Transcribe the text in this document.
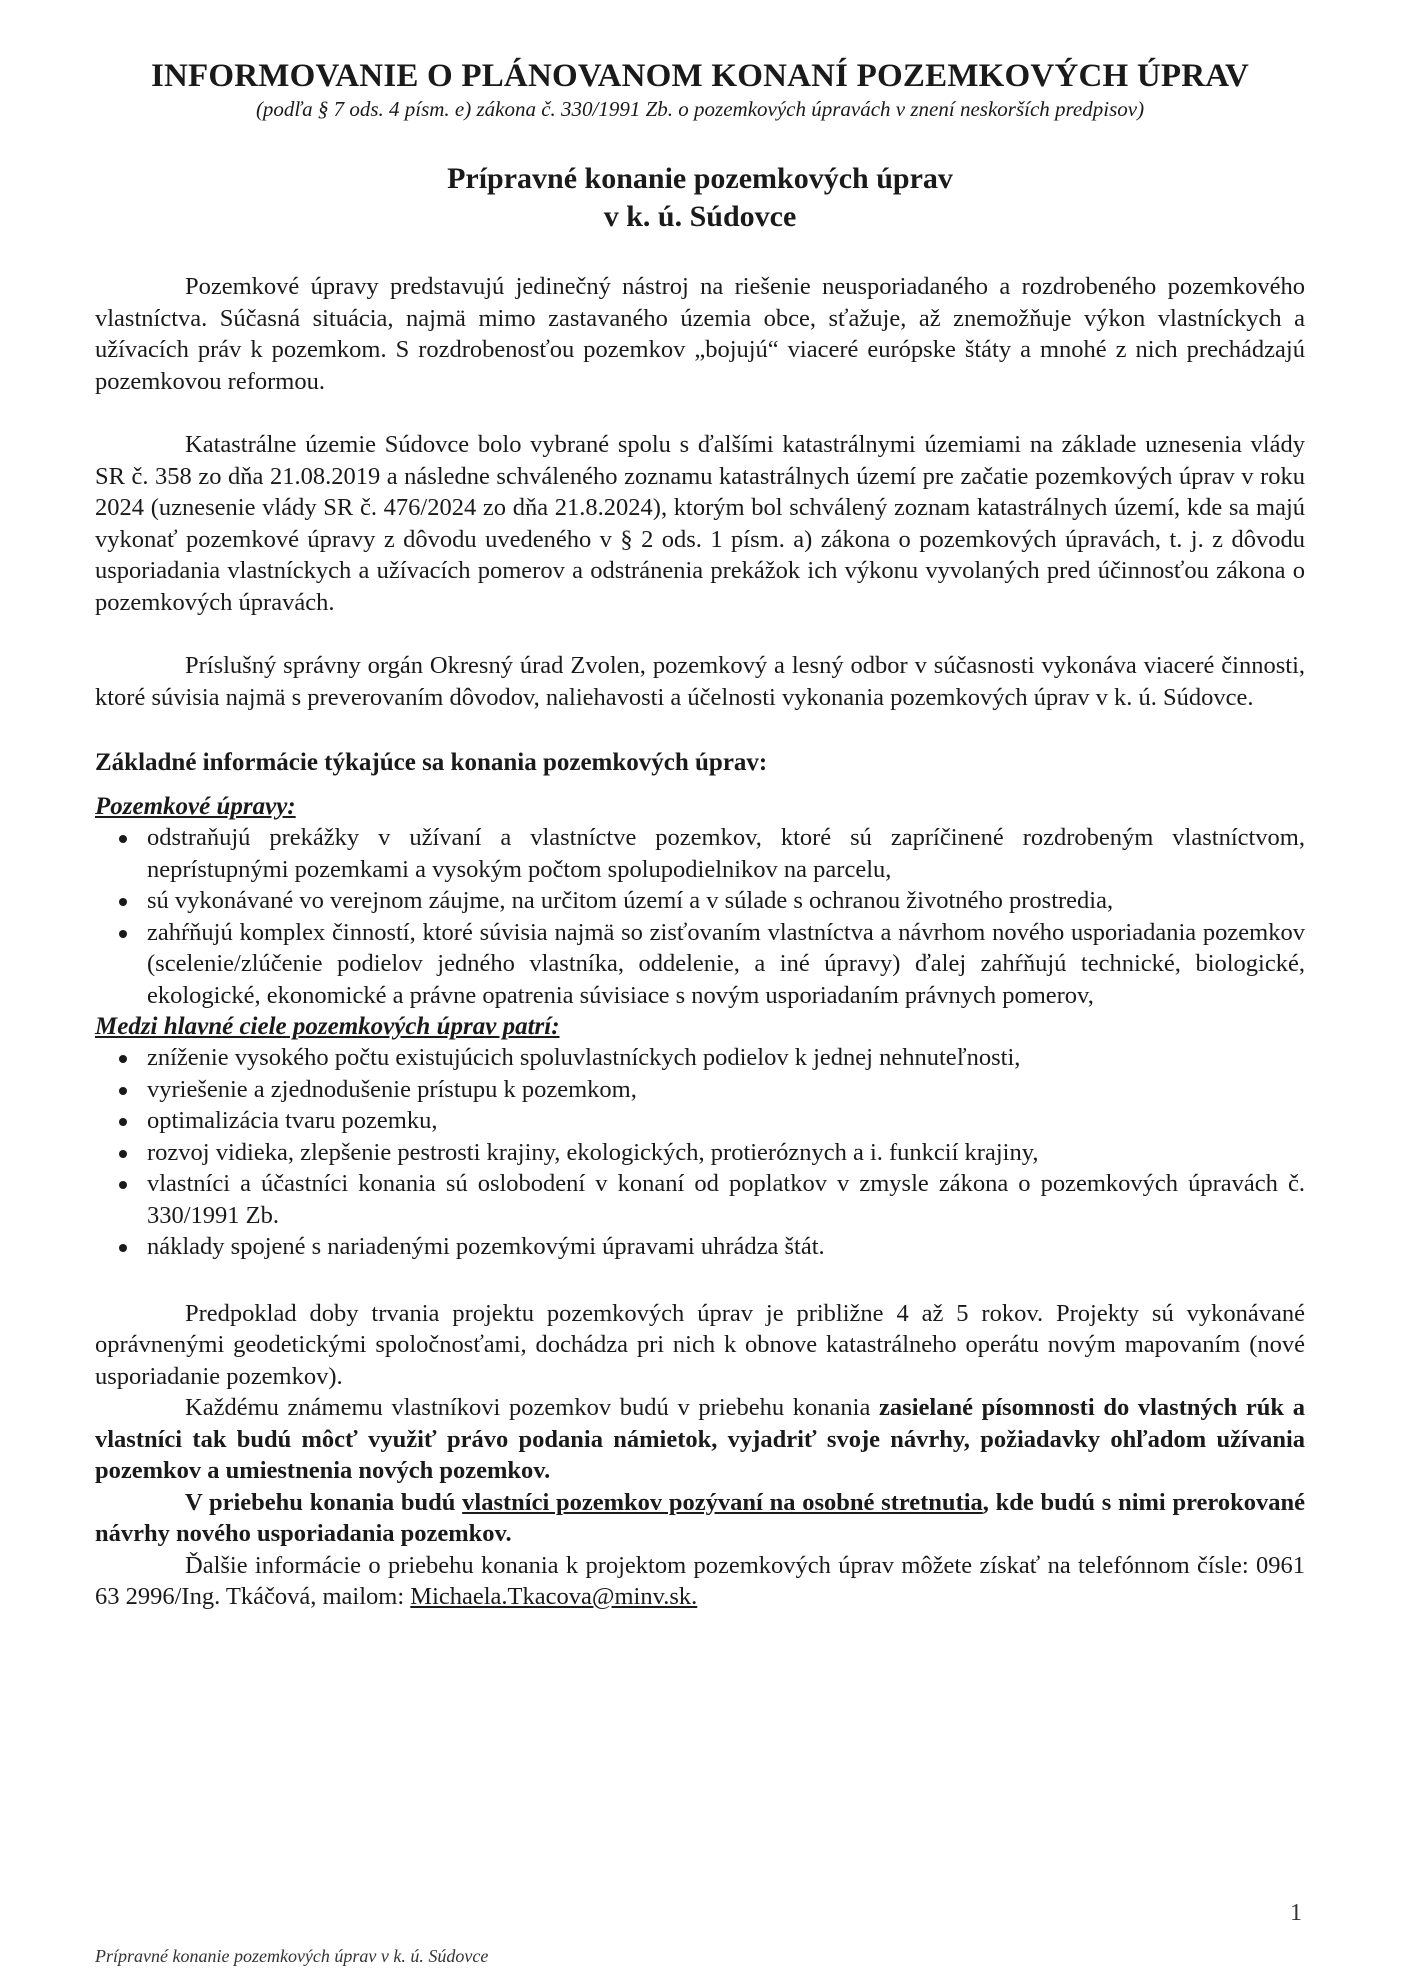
INFORMOVANIE O PLÁNOVANOM KONANÍ POZEMKOVÝCH ÚPRAV
(podľa § 7 ods. 4 písm. e) zákona č. 330/1991 Zb. o pozemkových úpravách v znení neskorších predpisov)
Prípravné konanie pozemkových úprav
v k. ú. Súdovce

Pozemkové úpravy predstavujú jedinečný nástroj na riešenie neusporiadaného a rozdrobeného pozemkového vlastníctva. Súčasná situácia, najmä mimo zastavaného územia obce, sťažuje, až znemožňuje výkon vlastníckych a užívacích práv k pozemkom. S rozdrobenosťou pozemkov „bojujú“ viaceré európske štáty a mnohé z nich prechádzajú pozemkovou reformou.

Katastrálne územie Súdovce bolo vybrané spolu s ďalšími katastrálnymi územiami na základe uznesenia vlády SR č. 358 zo dňa 21.08.2019 a následne schváleného zoznamu katastrálnych území pre začatie pozemkových úprav v roku 2024 (uznesenie vlády SR č. 476/2024 zo dňa 21.8.2024), ktorým bol schválený zoznam katastrálnych území, kde sa majú vykonať pozemkové úpravy z dôvodu uvedeného v § 2 ods. 1 písm. a) zákona o pozemkových úpravách, t. j. z dôvodu usporiadania vlastníckych a užívacích pomerov a odstránenia prekážok ich výkonu vyvolaných pred účinnosťou zákona o pozemkových úpravách.

Príslušný správny orgán Okresný úrad Zvolen, pozemkový a lesný odbor v súčasnosti vykonáva viaceré činnosti, ktoré súvisia najmä s preverovaním dôvodov, naliehavosti a účelnosti vykonania pozemkových úprav v k. ú. Súdovce.

Základné informácie týkajúce sa konania pozemkových úprav:
Pozemkové úpravy:
odstraňujú prekážky v užívaní a vlastníctve pozemkov, ktoré sú zapríčinené rozdrobeným vlastníctvom, neprístupnými pozemkami a vysokým počtom spolupodielnikov na parcelu,
sú vykonávané vo verejnom záujme, na určitom území a v súlade s ochranou životného prostredia,
zahŕňujú komplex činností, ktoré súvisia najmä so zisťovaním vlastníctva a návrhom nového usporiadania pozemkov (scelenie/zlúčenie podielov jedného vlastníka, oddelenie, a iné úpravy) ďalej zahŕňujú technické, biologické, ekologické, ekonomické a právne opatrenia súvisiace s novým usporiadaním právnych pomerov,
Medzi hlavné ciele pozemkových úprav patrí:
zníženie vysokého počtu existujúcich spoluvlastníckych podielov k jednej nehnuteľnosti,
vyriešenie a zjednodušenie prístupu k pozemkom,
optimalizácia tvaru pozemku,
rozvoj vidieka, zlepšenie pestrosti krajiny, ekologických, protieróznych a i. funkcií krajiny,
vlastníci a účastníci konania sú oslobodení v konaní od poplatkov v zmysle zákona o pozemkových úpravách č. 330/1991 Zb.
náklady spojené s nariadenými pozemkovými úpravami uhrádza štát.

Predpoklad doby trvania projektu pozemkových úprav je približne 4 až 5 rokov. Projekty sú vykonávané oprávnenými geodetickými spoločnosťami, dochádza pri nich k obnove katastrálneho operátu novým mapovaním (nové usporiadanie pozemkov).

Každému známemu vlastníkovi pozemkov budú v priebehu konania zasielané písomnosti do vlastných rúk a vlastníci tak budú môcť využiť právo podania námietok, vyjadriť svoje návrhy, požiadavky ohľadom užívania pozemkov a umiestnenia nových pozemkov.

V priebehu konania budú vlastníci pozemkov pozývaní na osobné stretnutia, kde budú s nimi prerokované návrhy nového usporiadania pozemkov.

Ďalšie informácie o priebehu konania k projektom pozemkových úprav môžete získať na telefónnom čísle: 0961 63 2996/Ing. Tkáčová, mailom: Michaela.Tkacova@minv.sk.

1
Prípravné konanie pozemkových úprav v k. ú. Súdovce
